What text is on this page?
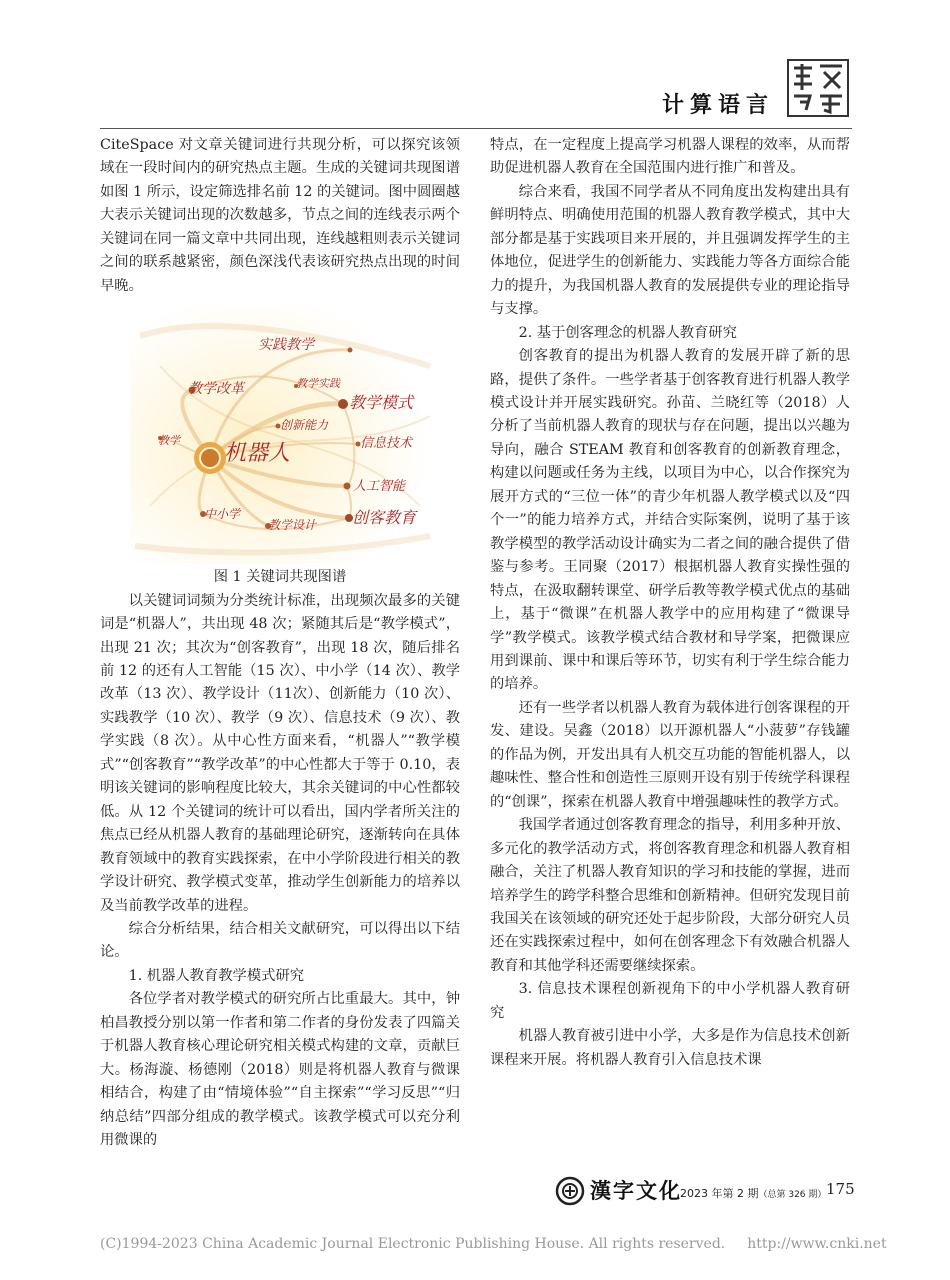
计算语言

CiteSpace 对文章关键词进行共现分析，可以探究该领域在一段时间内的研究热点主题。生成的关键词共现图谱如图 1 所示，设定筛选排名前 12 的关键词。图中圆圈越大表示关键词出现的次数越多，节点之间的连线表示两个关键词在同一篇文章中共同出现，连线越粗则表示关键词之间的联系越紧密，颜色深浅代表该研究热点出现的时间早晚。

实践教学
教学改革	教学实践
教学模式
创新能力
教学
机器人	信息技术
人工智能
中小学
教学设计 创客教育

图 1 关键词共现图谱

以关键词词频为分类统计标准，出现频次最多的关键词是“机器人”，共出现 48 次；紧随其后是“教学模式”，出现 21 次；其次为“创客教育”，出现 18 次，随后排名前 12 的还有人工智能（15 次）、中小学（14 次）、教学改革（13 次）、教学设计（11次）、创新能力（10 次）、实践教学（10 次）、教学（9 次）、信息技术（9 次）、教学实践（8 次）。从中心性方面来看，“机器人”“教学模式”“创客教育”“教学改革”的中心性都大于等于 0.10，表明该关键词的影响程度比较大，其余关键词的中心性都较低。从 12 个关键词的统计可以看出，国内学者所关注的焦点已经从机器人教育的基础理论研究，逐渐转向在具体教育领域中的教育实践探索，在中小学阶段进行相关的教学设计研究、教学模式变革，推动学生创新能力的培养以及当前教学改革的进程。

综合分析结果，结合相关文献研究，可以得出以下结论。

1. 机器人教育教学模式研究

各位学者对教学模式的研究所占比重最大。其中，钟柏昌教授分别以第一作者和第二作者的身份发表了四篇关于机器人教育核心理论研究相关模式构建的文章，贡献巨大。杨海漩、杨德刚（2018）则是将机器人教育与微课相结合，构建了由“情境体验”“自主探索”“学习反思”“归纳总结”四部分组成的教学模式。该教学模式可以充分利用微课的

特点，在一定程度上提高学习机器人课程的效率，从而帮助促进机器人教育在全国范围内进行推广和普及。

综合来看，我国不同学者从不同角度出发构建出具有鲜明特点、明确使用范围的机器人教育教学模式，其中大部分都是基于实践项目来开展的，并且强调发挥学生的主体地位，促进学生的创新能力、实践能力等各方面综合能力的提升，为我国机器人教育的发展提供专业的理论指导与支撑。

2. 基于创客理念的机器人教育研究

创客教育的提出为机器人教育的发展开辟了新的思路，提供了条件。一些学者基于创客教育进行机器人教学模式设计并开展实践研究。孙苗、兰晓红等（2018）人分析了当前机器人教育的现状与存在问题，提出以兴趣为导向，融合 STEAM 教育和创客教育的创新教育理念，构建以问题或任务为主线，以项目为中心，以合作探究为展开方式的“三位一体”的青少年机器人教学模式以及“四个一”的能力培养方式，并结合实际案例，说明了基于该教学模型的教学活动设计确实为二者之间的融合提供了借鉴与参考。王同聚（2017）根据机器人教育实操性强的特点，在汲取翻转课堂、研学后教等教学模式优点的基础上，基于“微课”在机器人教学中的应用构建了“微课导学”教学模式。该教学模式结合教材和导学案，把微课应用到课前、课中和课后等环节，切实有利于学生综合能力的培养。

还有一些学者以机器人教育为载体进行创客课程的开发、建设。吴鑫（2018）以开源机器人“小菠萝”存钱罐的作品为例，开发出具有人机交互功能的智能机器人，以趣味性、整合性和创造性三原则开设有别于传统学科课程的“创课”，探索在机器人教育中增强趣味性的教学方式。

我国学者通过创客教育理念的指导，利用多种开放、多元化的教学活动方式，将创客教育理念和机器人教育相融合，关注了机器人教育知识的学习和技能的掌握，进而培养学生的跨学科整合思维和创新精神。但研究发现目前我国关在该领域的研究还处于起步阶段，大部分研究人员还在实践探索过程中，如何在创客理念下有效融合机器人教育和其他学科还需要继续探索。

3. 信息技术课程创新视角下的中小学机器人教育研究

机器人教育被引进中小学，大多是作为信息技术创新课程来开展。将机器人教育引入信息技术课

漢字文化
2023 年第 2 期（总第 326 期） 175
(C)1994-2023 China Academic Journal Electronic Publishing House. All rights reserved. http://www.cnki.net
